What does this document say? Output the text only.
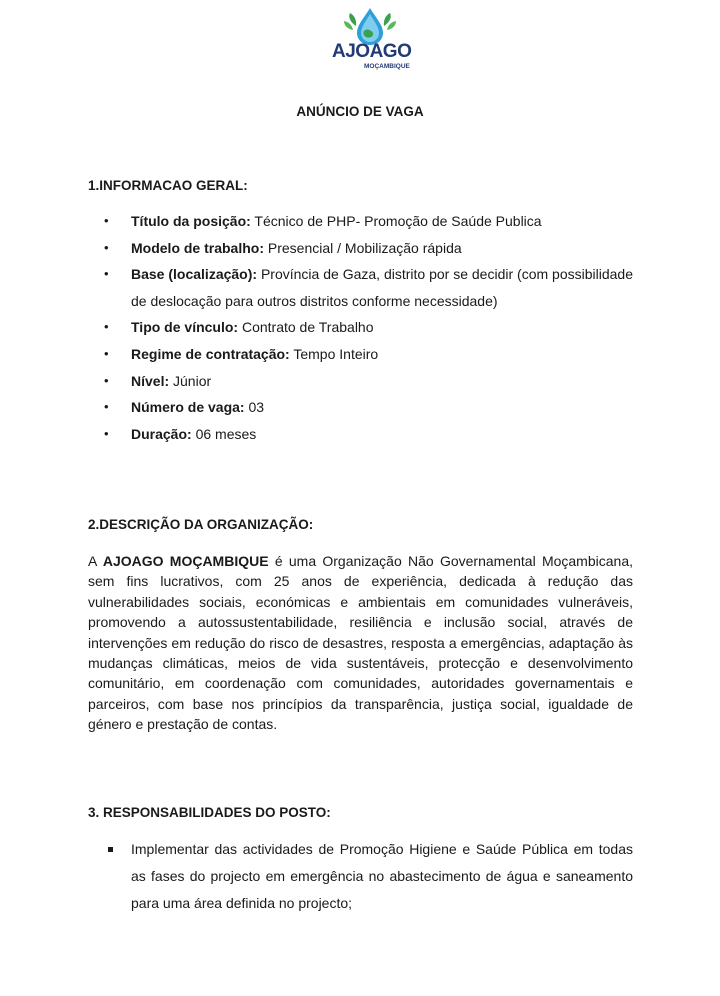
AJOAGO
MOÇAMBIQUE
ANÚNCIO DE VAGA
1.INFORMACAO GERAL:
• Título da posição: Técnico de PHP- Promoção de Saúde Publica
• Modelo de trabalho: Presencial / Mobilização rápida
• Base (localização): Província de Gaza, distrito por se decidir (com possibilidade de deslocação para outros distritos conforme necessidade)
• Tipo de vínculo: Contrato de Trabalho
• Regime de contratação: Tempo Inteiro
• Nível: Júnior
• Número de vaga: 03
• Duração: 06 meses
2.DESCRIÇÃO DA ORGANIZAÇÃO:

A AJOAGO MOÇAMBIQUE é uma Organização Não Governamental Moçambicana, sem fins lucrativos, com 25 anos de experiência, dedicada à redução das vulnerabilidades sociais, económicas e ambientais em comunidades vulneráveis, promovendo a autossustentabilidade, resiliência e inclusão social, através de intervenções em redução do risco de desastres, resposta a emergências, adaptação às mudanças climáticas, meios de vida sustentáveis, protecção e desenvolvimento comunitário, em coordenação com comunidades, autoridades governamentais e parceiros, com base nos princípios da transparência, justiça social, igualdade de género e prestação de contas.

3. RESPONSABILIDADES DO POSTO:
Implementar das actividades de Promoção Higiene e Saúde Pública em todas as fases do projecto em emergência no abastecimento de água e saneamento para uma área definida no projecto;
